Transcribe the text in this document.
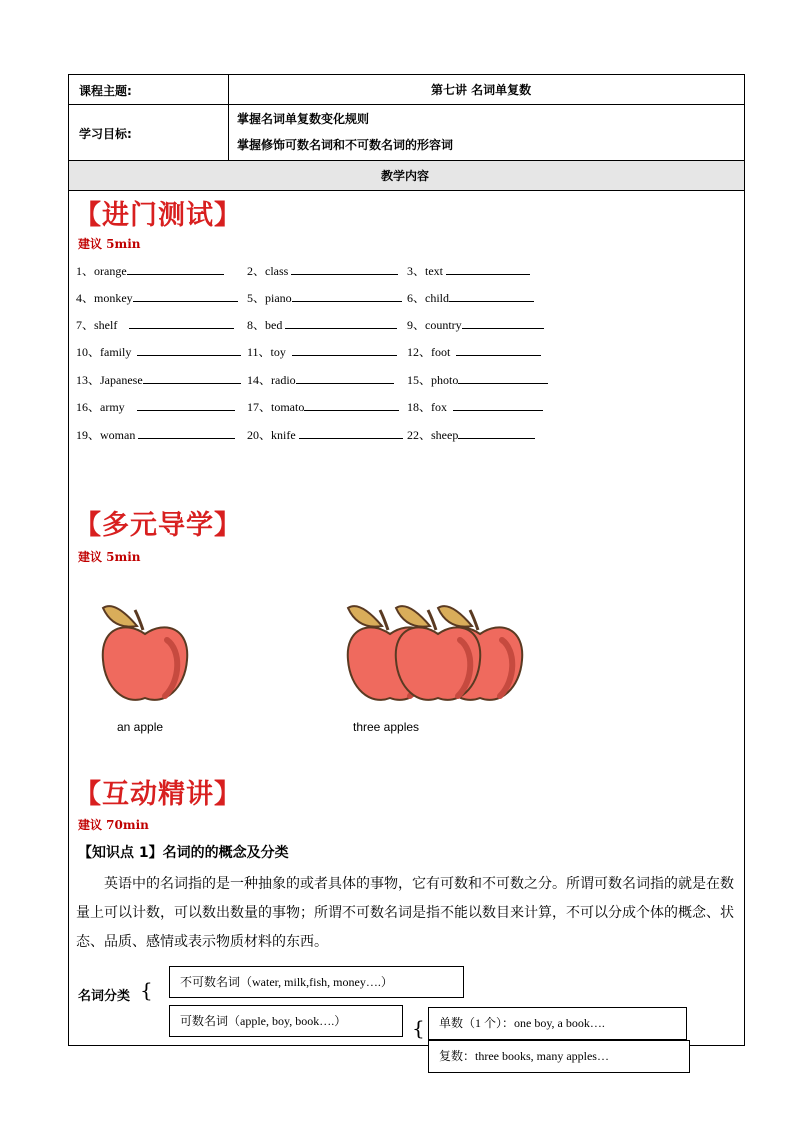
课程主题:	第七讲 名词单复数
学习目标:
掌握名词单复数变化规则
掌握修饰可数名词和不可数名词的形容词
教学内容
【进门测试】
建议 5min
1、orange	2、class	3、text
4、monkey	5、piano	6、child
7、shelf	8、bed	9、country
10、family	11、toy	12、foot
13、Japanese	14、radio	15、photo
16、army	17、tomato	18、fox
19、woman	20、knife	22、sheep
【多元导学】
建议 5min
an apple	three apples
【互动精讲】
建议 70min
【知识点 1】名词的的概念及分类
英语中的名词指的是一种抽象的或者具体的事物，它有可数和不可数之分。所谓可数名词指的就是在数量上可以计数，可以数出数量的事物；所谓不可数名词是指不能以数目来计算，不可以分成个体的概念、状态、品质、感情或表示物质材料的东西。
名词分类 {	不可数名词（water, milk,fish, money….）
可数名词（apple, boy, book….）	{	单数（1 个）：one boy, a book….
复数：three books, many apples…
